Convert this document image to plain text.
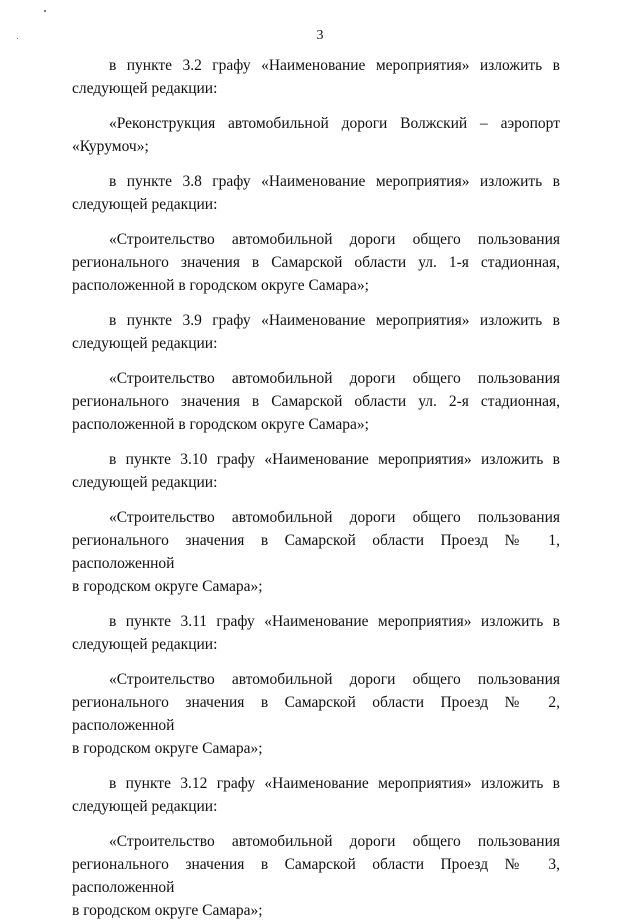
3
в пункте 3.2 графу «Наименование мероприятия» изложить в
следующей редакции:
«Реконструкция автомобильной дороги Волжский – аэропорт
«Курумоч»;
в пункте 3.8 графу «Наименование мероприятия» изложить в
следующей редакции:
«Строительство автомобильной дороги общего пользования
регионального значения в Самарской области ул. 1-я стадионная,
расположенной в городском округе Самара»;
в пункте 3.9 графу «Наименование мероприятия» изложить в
следующей редакции:
«Строительство автомобильной дороги общего пользования
регионального значения в Самарской области ул. 2-я стадионная,
расположенной в городском округе Самара»;
в пункте 3.10 графу «Наименование мероприятия» изложить в
следующей редакции:
«Строительство автомобильной дороги общего пользования
регионального значения в Самарской области Проезд № 1, расположенной
в городском округе Самара»;
в пункте 3.11 графу «Наименование мероприятия» изложить в
следующей редакции:
«Строительство автомобильной дороги общего пользования
регионального значения в Самарской области Проезд № 2, расположенной
в городском округе Самара»;
в пункте 3.12 графу «Наименование мероприятия» изложить в
следующей редакции:
«Строительство автомобильной дороги общего пользования
регионального значения в Самарской области Проезд № 3, расположенной
в городском округе Самара»;
